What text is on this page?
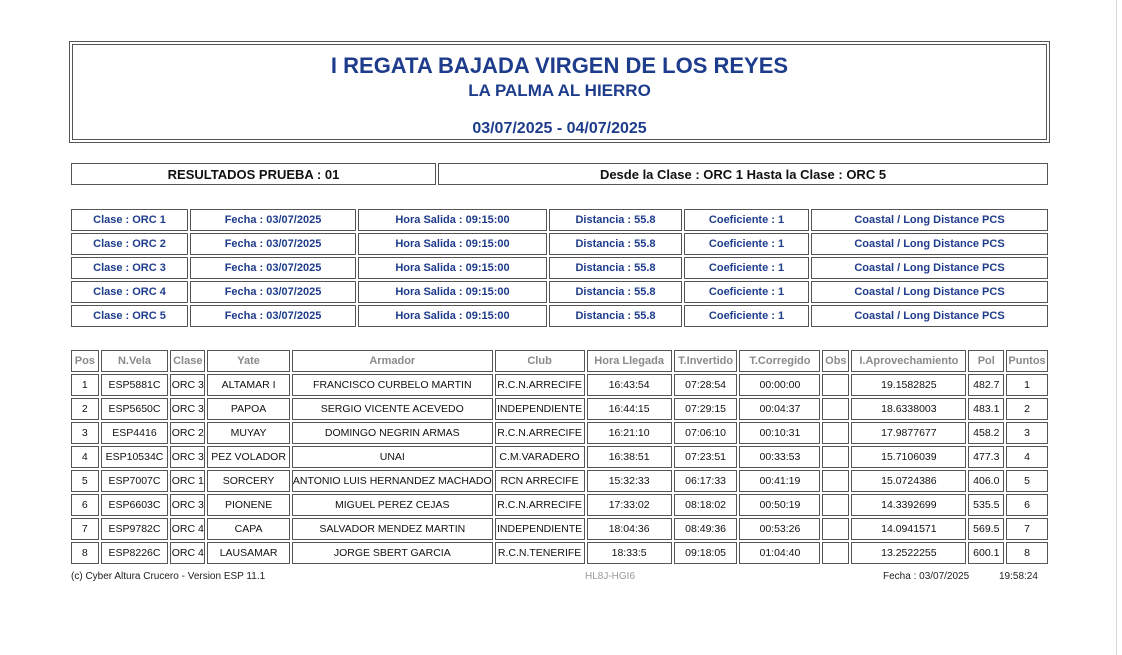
I REGATA BAJADA VIRGEN DE LOS REYES
LA PALMA AL HIERRO
03/07/2025 - 04/07/2025
RESULTADOS PRUEBA : 01	Desde la Clase : ORC 1 Hasta la Clase : ORC 5
Clase : ORC 1	Fecha : 03/07/2025	Hora Salida : 09:15:00	Distancia : 55.8	Coeficiente : 1	Coastal / Long Distance PCS
Clase : ORC 2	Fecha : 03/07/2025	Hora Salida : 09:15:00	Distancia : 55.8	Coeficiente : 1	Coastal / Long Distance PCS
Clase : ORC 3	Fecha : 03/07/2025	Hora Salida : 09:15:00	Distancia : 55.8	Coeficiente : 1	Coastal / Long Distance PCS
Clase : ORC 4	Fecha : 03/07/2025	Hora Salida : 09:15:00	Distancia : 55.8	Coeficiente : 1	Coastal / Long Distance PCS
Clase : ORC 5	Fecha : 03/07/2025	Hora Salida : 09:15:00	Distancia : 55.8	Coeficiente : 1	Coastal / Long Distance PCS
Pos	N.Vela	Clase	Yate	Armador	Club	Hora Llegada	T.Invertido	T.Corregido	Obs	I.Aprovechamiento	Pol	Puntos
1	ESP5881C	ORC 3	ALTAMAR I	FRANCISCO CURBELO MARTIN	R.C.N.ARRECIFE	16:43:54	07:28:54	00:00:00		19.1582825	482.7	1
2	ESP5650C	ORC 3	PAPOA	SERGIO VICENTE ACEVEDO	INDEPENDIENTE	16:44:15	07:29:15	00:04:37		18.6338003	483.1	2
3	ESP4416	ORC 2	MUYAY	DOMINGO NEGRIN ARMAS	R.C.N.ARRECIFE	16:21:10	07:06:10	00:10:31		17.9877677	458.2	3
4	ESP10534C	ORC 3	PEZ VOLADOR	UNAI	C.M.VARADERO	16:38:51	07:23:51	00:33:53		15.7106039	477.3	4
5	ESP7007C	ORC 1	SORCERY	ANTONIO LUIS HERNANDEZ MACHADO	RCN ARRECIFE	15:32:33	06:17:33	00:41:19		15.0724386	406.0	5
6	ESP6603C	ORC 3	PIONENE	MIGUEL PEREZ CEJAS	R.C.N.ARRECIFE	17:33:02	08:18:02	00:50:19		14.3392699	535.5	6
7	ESP9782C	ORC 4	CAPA	SALVADOR MENDEZ MARTIN	INDEPENDIENTE	18:04:36	08:49:36	00:53:26		14.0941571	569.5	7
8	ESP8226C	ORC 4	LAUSAMAR	JORGE SBERT GARCIA	R.C.N.TENERIFE	18:33:5	09:18:05	01:04:40		13.2522255	600.1	8
(c) Cyber Altura Crucero - Version ESP 11.1	HL8J-HGI6	Fecha : 03/07/2025	19:58:24
